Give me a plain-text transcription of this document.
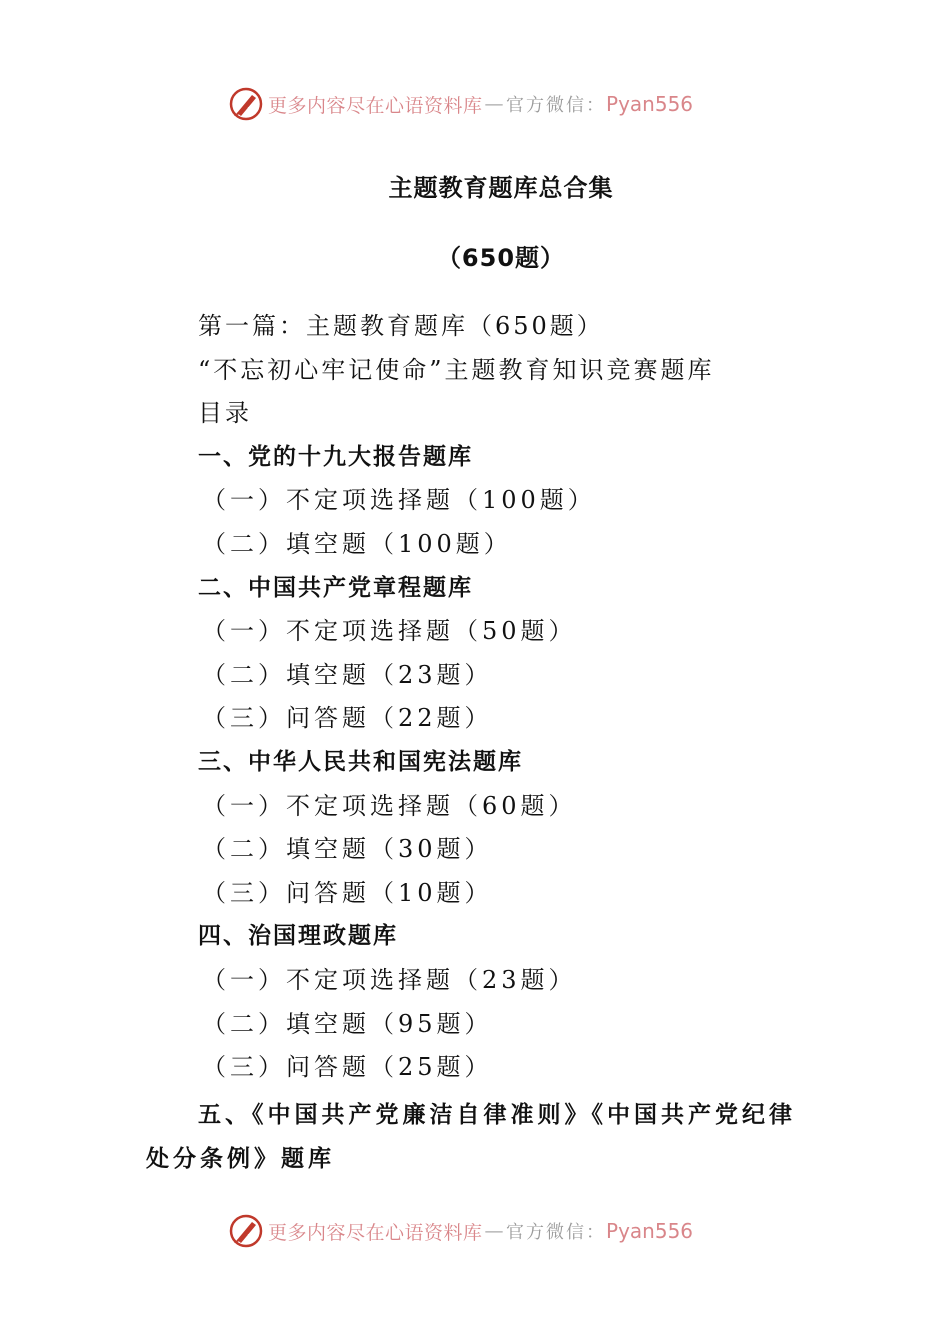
更多内容尽在心语资料库 — 官方微信： Pyan556
主题教育题库总合集
（650题）
第一篇：主题教育题库（650题）
“不忘初心牢记使命”主题教育知识竞赛题库
目录
一、党的十九大报告题库
（一）不定项选择题（100题）
（二）填空题（100题）
二、中国共产党章程题库
（一）不定项选择题（50题）
（二）填空题（23题）
（三）问答题（22题）
三、中华人民共和国宪法题库
（一）不定项选择题（60题）
（二）填空题（30题）
（三）问答题（10题）
四、治国理政题库
（一）不定项选择题（23题）
（二）填空题（95题）
（三）问答题（25题）
五、《中国共产党廉洁自律准则》《中国共产党纪律处分条例》题库
更多内容尽在心语资料库 — 官方微信： Pyan556
